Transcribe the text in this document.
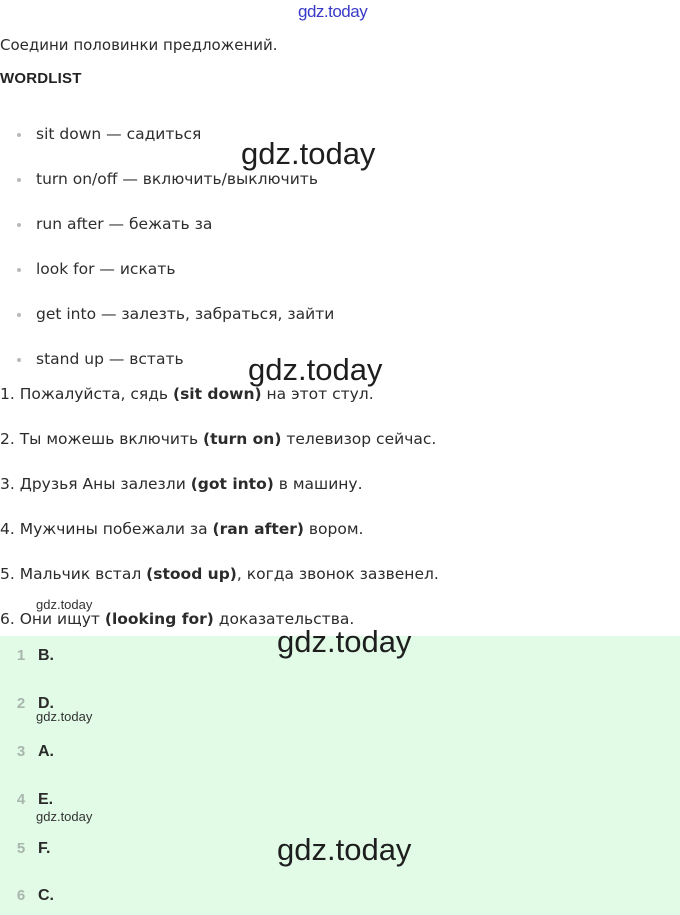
gdz.today
Соедини половинки предложений.
WORDLIST
sit down — садиться
turn on/off — включить/выключить
run after — бежать за
look for — искать
get into — залезть, забраться, зайти
stand up — встать
1. Пожалуйста, сядь (sit down) на этот стул.
2. Ты можешь включить (turn on) телевизор сейчас.
3. Друзья Аны залезли (got into) в машину.
4. Мужчины побежали за (ran after) вором.
5. Мальчик встал (stood up), когда звонок зазвенел.
6. Они ищут (looking for) доказательства.
1 B.
2 D.
3 A.
4 E.
5 F.
6 C.
gdz.today
gdz.today
gdz.today
gdz.today
gdz.today
gdz.today
gdz.today
